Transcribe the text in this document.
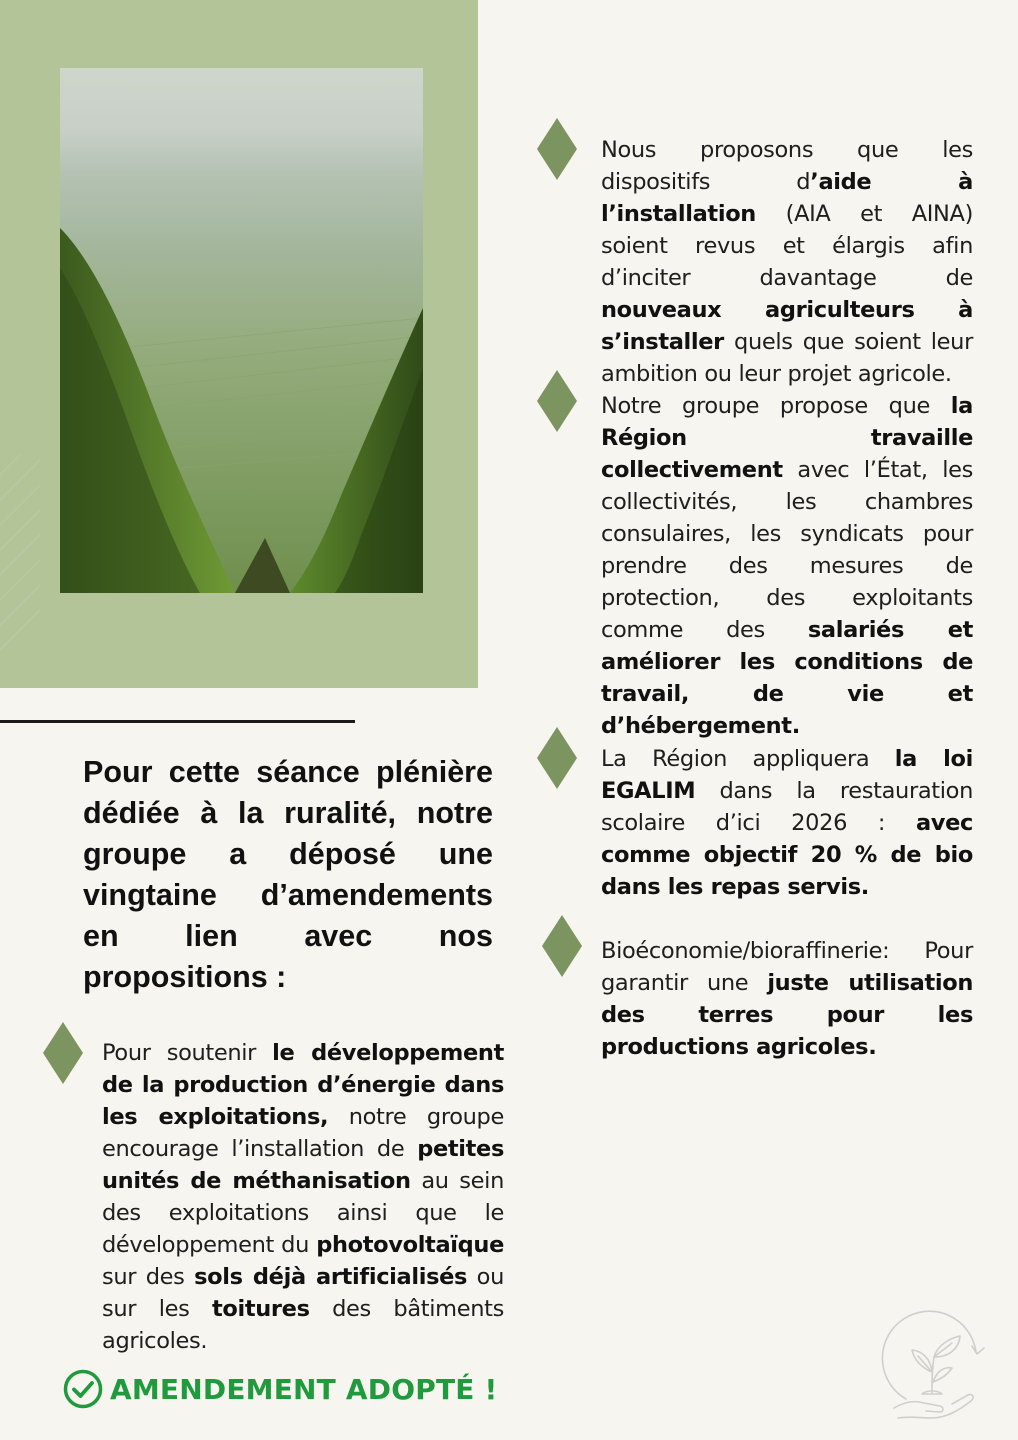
Pour cette séance plénière dédiée à la ruralité, notre groupe a déposé une vingtaine d’amendements en lien avec nos propositions :

Pour soutenir le développement de la production d’énergie dans les exploitations, notre groupe encourage l’installation de petites unités de méthanisation au sein des exploitations ainsi que le développement du photovoltaïque sur des sols déjà artificialisés ou sur les toitures des bâtiments agricoles.

AMENDEMENT ADOPTÉ !

Nous proposons que les dispositifs d’aide à l’installation (AIA et AINA) soient revus et élargis afin d’inciter davantage de nouveaux agriculteurs à s’installer quels que soient leur ambition ou leur projet agricole.

Notre groupe propose que la Région travaille collectivement avec l’État, les collectivités, les chambres consulaires, les syndicats pour prendre des mesures de protection, des exploitants comme des salariés et améliorer les conditions de travail, de vie et d’hébergement.

La Région appliquera la loi EGALIM dans la restauration scolaire d’ici 2026 : avec comme objectif 20 % de bio dans les repas servis.

Bioéconomie/bioraffinerie: Pour garantir une juste utilisation des terres pour les productions agricoles.
